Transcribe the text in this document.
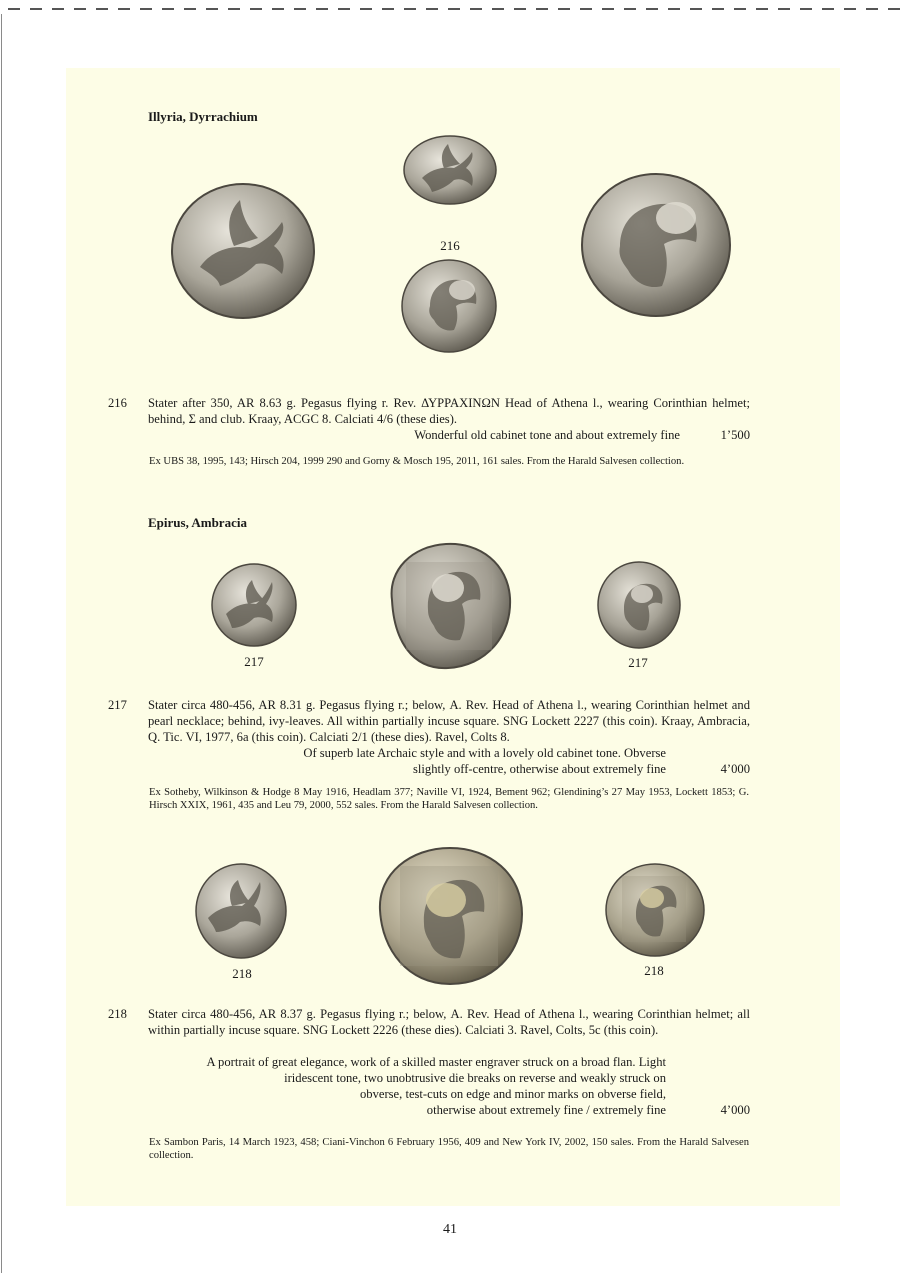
Illyria, Dyrrachium
216
216	Stater after 350, AR 8.63 g. Pegasus flying r. Rev. ΔΥΡΡΑΧΙΝΩΝ Head of Athena l., wearing Corinthian helmet; behind, Σ and club. Kraay, ACGC 8. Calciati 4/6 (these dies).
Wonderful old cabinet tone and about extremely fine	1’500
Ex UBS 38, 1995, 143; Hirsch 204, 1999 290 and Gorny & Mosch 195, 2011, 161 sales. From the Harald Salvesen collection.
Epirus, Ambracia
217	217
217	Stater circa 480-456, AR 8.31 g. Pegasus flying r.; below, Α. Rev. Head of Athena l., wearing Corinthian helmet and pearl necklace; behind, ivy-leaves. All within partially incuse square. SNG Lockett 2227 (this coin). Kraay, Ambracia, Q. Tic. VI, 1977, 6a (this coin). Calciati 2/1 (these dies). Ravel, Colts 8.
Of superb late Archaic style and with a lovely old cabinet tone. Obverse
slightly off-centre, otherwise about extremely fine	4’000
Ex Sotheby, Wilkinson & Hodge 8 May 1916, Headlam 377; Naville VI, 1924, Bement 962; Glendining’s 27 May 1953, Lockett 1853; G. Hirsch XXIX, 1961, 435 and Leu 79, 2000, 552 sales. From the Harald Salvesen collection.
218	218
218	Stater circa 480-456, AR 8.37 g. Pegasus flying r.; below, Α. Rev. Head of Athena l., wearing Corinthian helmet; all within partially incuse square. SNG Lockett 2226 (these dies). Calciati 3. Ravel, Colts, 5c (this coin).
A portrait of great elegance, work of a skilled master engraver struck on a broad flan. Light
iridescent tone, two unobtrusive die breaks on reverse and weakly struck on
obverse, test-cuts on edge and minor marks on obverse field,
otherwise about extremely fine / extremely fine	4’000
Ex Sambon Paris, 14 March 1923, 458; Ciani-Vinchon 6 February 1956, 409 and New York IV, 2002, 150 sales. From the Harald Salvesen collection.
41
